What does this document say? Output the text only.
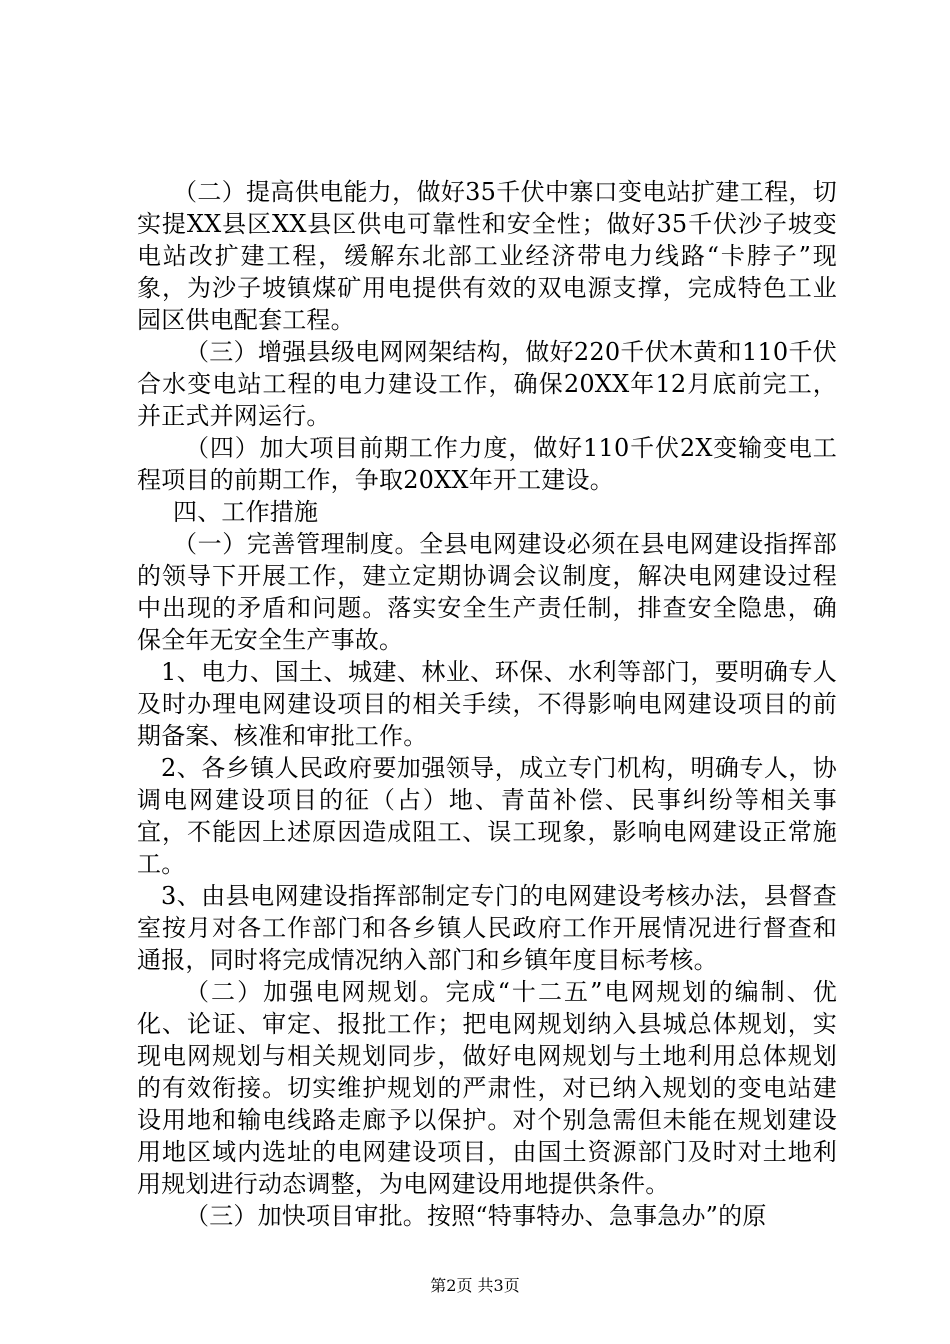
（二）提高供电能力，做好35千伏中寨口变电站扩建工程，切实提XX县区XX县区供电可靠性和安全性；做好35千伏沙子坡变电站改扩建工程，缓解东北部工业经济带电力线路“卡脖子”现象，为沙子坡镇煤矿用电提供有效的双电源支撑，完成特色工业园区供电配套工程。

（三）增强县级电网网架结构，做好220千伏木黄和110千伏合水变电站工程的电力建设工作，确保20XX年12月底前完工，并正式并网运行。

（四）加大项目前期工作力度，做好110千伏2X变输变电工程项目的前期工作，争取20XX年开工建设。

四、工作措施

（一）完善管理制度。全县电网建设必须在县电网建设指挥部的领导下开展工作，建立定期协调会议制度，解决电网建设过程中出现的矛盾和问题。落实安全生产责任制，排查安全隐患，确保全年无安全生产事故。

1、电力、国土、城建、林业、环保、水利等部门，要明确专人及时办理电网建设项目的相关手续，不得影响电网建设项目的前期备案、核准和审批工作。

2、各乡镇人民政府要加强领导，成立专门机构，明确专人，协调电网建设项目的征（占）地、青苗补偿、民事纠纷等相关事宜，不能因上述原因造成阻工、误工现象，影响电网建设正常施工。

3、由县电网建设指挥部制定专门的电网建设考核办法，县督查室按月对各工作部门和各乡镇人民政府工作开展情况进行督查和通报，同时将完成情况纳入部门和乡镇年度目标考核。

（二）加强电网规划。完成“十二五”电网规划的编制、优化、论证、审定、报批工作；把电网规划纳入县城总体规划，实现电网规划与相关规划同步，做好电网规划与土地利用总体规划的有效衔接。切实维护规划的严肃性，对已纳入规划的变电站建设用地和输电线路走廊予以保护。对个别急需但未能在规划建设用地区域内选址的电网建设项目，由国土资源部门及时对土地利用规划进行动态调整，为电网建设用地提供条件。

（三）加快项目审批。按照“特事特办、急事急办”的原

第2页 共3页
